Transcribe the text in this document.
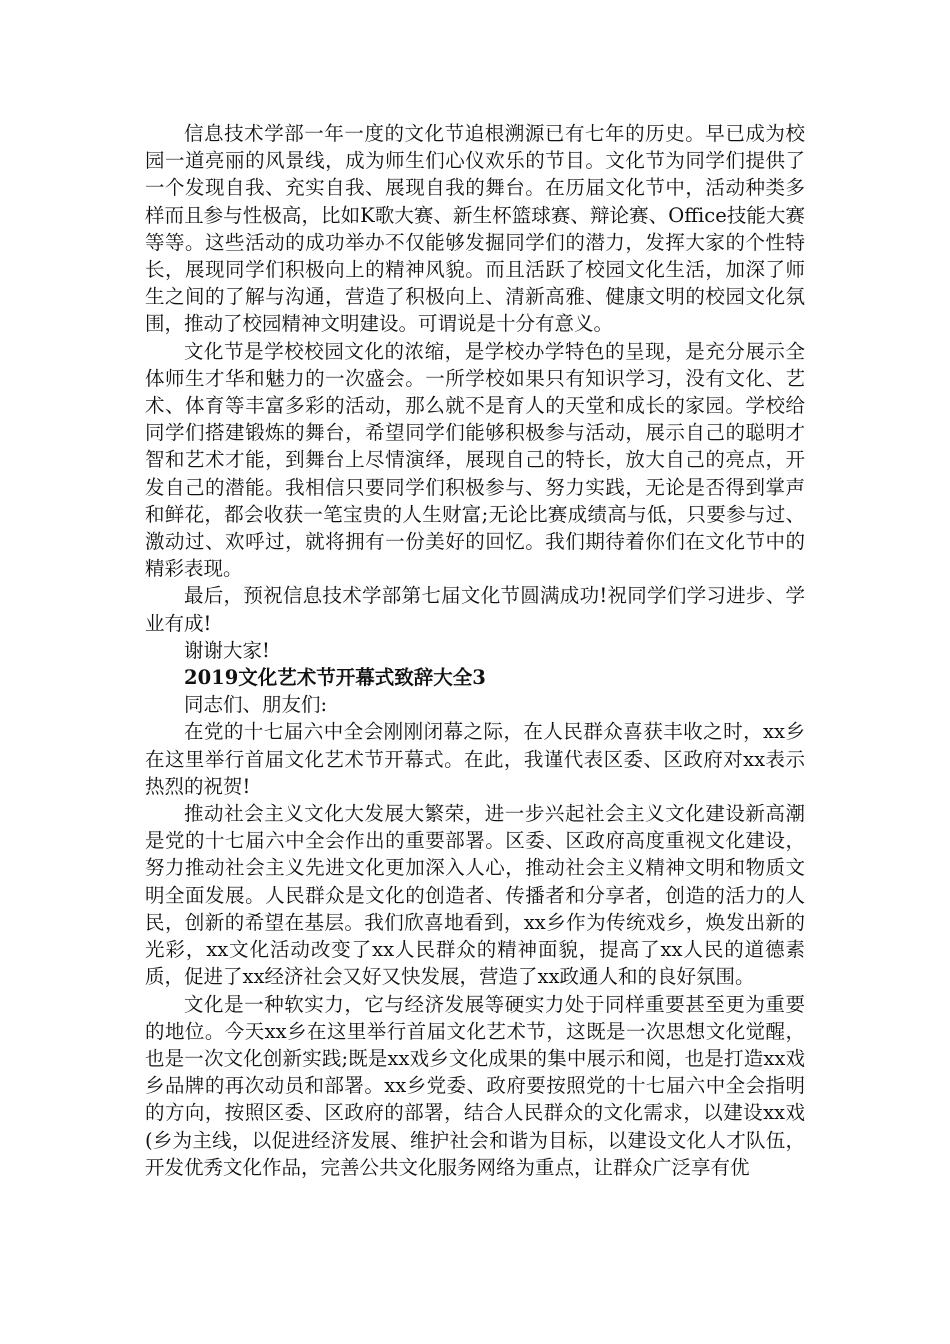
信息技术学部一年一度的文化节追根溯源已有七年的历史。早已成为校园一道亮丽的风景线，成为师生们心仪欢乐的节目。文化节为同学们提供了一个发现自我、充实自我、展现自我的舞台。在历届文化节中，活动种类多样而且参与性极高，比如K歌大赛、新生杯篮球赛、辩论赛、Office技能大赛等等。这些活动的成功举办不仅能够发掘同学们的潜力，发挥大家的个性特长，展现同学们积极向上的精神风貌。而且活跃了校园文化生活，加深了师生之间的了解与沟通，营造了积极向上、清新高雅、健康文明的校园文化氛围，推动了校园精神文明建设。可谓说是十分有意义。

文化节是学校校园文化的浓缩，是学校办学特色的呈现，是充分展示全体师生才华和魅力的一次盛会。一所学校如果只有知识学习，没有文化、艺术、体育等丰富多彩的活动，那么就不是育人的天堂和成长的家园。学校给同学们搭建锻炼的舞台，希望同学们能够积极参与活动，展示自己的聪明才智和艺术才能，到舞台上尽情演绎，展现自己的特长，放大自己的亮点，开发自己的潜能。我相信只要同学们积极参与、努力实践，无论是否得到掌声和鲜花，都会收获一笔宝贵的人生财富;无论比赛成绩高与低，只要参与过、激动过、欢呼过，就将拥有一份美好的回忆。我们期待着你们在文化节中的精彩表现。

最后，预祝信息技术学部第七届文化节圆满成功!祝同学们学习进步、学业有成!

谢谢大家!

2019文化艺术节开幕式致辞大全3

同志们、朋友们:

在党的十七届六中全会刚刚闭幕之际，在人民群众喜获丰收之时，xx乡在这里举行首届文化艺术节开幕式。在此，我谨代表区委、区政府对xx表示热烈的祝贺!

推动社会主义文化大发展大繁荣，进一步兴起社会主义文化建设新高潮是党的十七届六中全会作出的重要部署。区委、区政府高度重视文化建设，努力推动社会主义先进文化更加深入人心，推动社会主义精神文明和物质文明全面发展。人民群众是文化的创造者、传播者和分享者，创造的活力的人民，创新的希望在基层。我们欣喜地看到，xx乡作为传统戏乡，焕发出新的光彩，xx文化活动改变了xx人民群众的精神面貌，提高了xx人民的道德素质，促进了xx经济社会又好又快发展，营造了xx政通人和的良好氛围。

文化是一种软实力，它与经济发展等硬实力处于同样重要甚至更为重要的地位。今天xx乡在这里举行首届文化艺术节，这既是一次思想文化觉醒，也是一次文化创新实践;既是xx戏乡文化成果的集中展示和阅，也是打造xx戏乡品牌的再次动员和部署。xx乡党委、政府要按照党的十七届六中全会指明的方向，按照区委、区政府的部署，结合人民群众的文化需求，以建设xx戏(乡为主线，以促进经济发展、维护社会和谐为目标，以建设文化人才队伍，开发优秀文化作品，完善公共文化服务网络为重点，让群众广泛享有优
